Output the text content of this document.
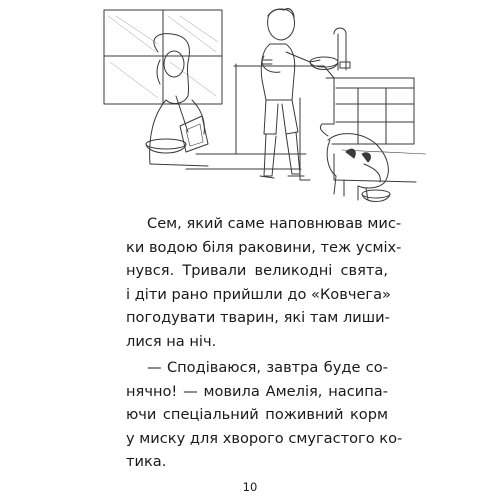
Сем, який саме наповнював мис-
ки водою біля раковини, теж усміх-
нувся. Тривали великодні свята,
і діти рано прийшли до «Ковчега»
погодувати тварин, які там лиши-
лися на ніч.

— Сподіваюся, завтра буде со-
нячно! — мовила Амелія, насипа-
ючи спеціальний поживний корм
у миску для хворого смугастого ко-
тика.

10
